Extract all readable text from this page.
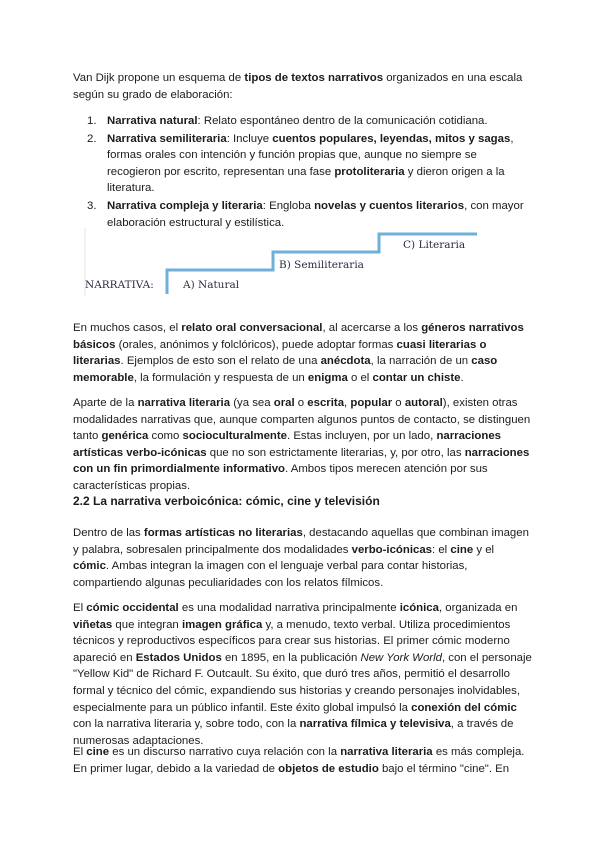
Van Dijk propone un esquema de tipos de textos narrativos organizados en una escala según su grado de elaboración:

1. Narrativa natural: Relato espontáneo dentro de la comunicación cotidiana.
2. Narrativa semiliteraria: Incluye cuentos populares, leyendas, mitos y sagas, formas orales con intención y función propias que, aunque no siempre se recogieron por escrito, representan una fase protoliteraria y dieron origen a la literatura.
3. Narrativa compleja y literaria: Engloba novelas y cuentos literarios, con mayor elaboración estructural y estilística.
NARRATIVA:	A) Natural
B) Semiliteraria
C) Literaria

En muchos casos, el relato oral conversacional, al acercarse a los géneros narrativos básicos (orales, anónimos y folclóricos), puede adoptar formas cuasi literarias o literarias. Ejemplos de esto son el relato de una anécdota, la narración de un caso memorable, la formulación y respuesta de un enigma o el contar un chiste.

Aparte de la narrativa literaria (ya sea oral o escrita, popular o autoral), existen otras modalidades narrativas que, aunque comparten algunos puntos de contacto, se distinguen tanto genérica como socioculturalmente. Estas incluyen, por un lado, narraciones artísticas verbo-icónicas que no son estrictamente literarias, y, por otro, las narraciones con un fin primordialmente informativo. Ambos tipos merecen atención por sus características propias.

2.2 La narrativa verboicónica: cómic, cine y televisión

Dentro de las formas artísticas no literarias, destacando aquellas que combinan imagen y palabra, sobresalen principalmente dos modalidades verbo-icónicas: el cine y el cómic. Ambas integran la imagen con el lenguaje verbal para contar historias, compartiendo algunas peculiaridades con los relatos fílmicos.

El cómic occidental es una modalidad narrativa principalmente icónica, organizada en viñetas que integran imagen gráfica y, a menudo, texto verbal. Utiliza procedimientos técnicos y reproductivos específicos para crear sus historias. El primer cómic moderno apareció en Estados Unidos en 1895, en la publicación New York World, con el personaje "Yellow Kid" de Richard F. Outcault. Su éxito, que duró tres años, permitió el desarrollo formal y técnico del cómic, expandiendo sus historias y creando personajes inolvidables, especialmente para un público infantil. Este éxito global impulsó la conexión del cómic con la narrativa literaria y, sobre todo, con la narrativa fílmica y televisiva, a través de numerosas adaptaciones.

El cine es un discurso narrativo cuya relación con la narrativa literaria es más compleja. En primer lugar, debido a la variedad de objetos de estudio bajo el término "cine". En
